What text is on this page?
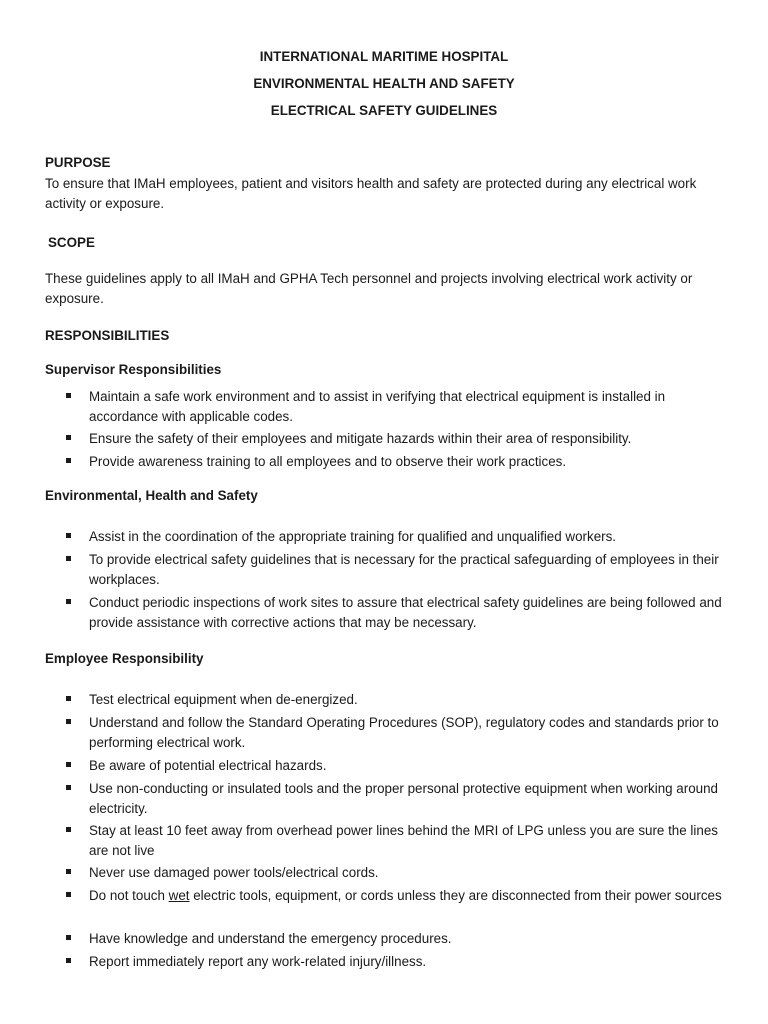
INTERNATIONAL MARITIME HOSPITAL
ENVIRONMENTAL HEALTH AND SAFETY
ELECTRICAL SAFETY GUIDELINES
PURPOSE
To ensure that IMaH employees, patient and visitors health and safety are protected during any electrical work activity or exposure.
SCOPE
These guidelines apply to all IMaH and GPHA Tech personnel and projects involving electrical work activity or exposure.
RESPONSIBILITIES
Supervisor Responsibilities
Maintain a safe work environment and to assist in verifying that electrical equipment is installed in accordance with applicable codes.
Ensure the safety of their employees and mitigate hazards within their area of responsibility.
Provide awareness training to all employees and to observe their work practices.
Environmental, Health and Safety
Assist in the coordination of the appropriate training for qualified and unqualified workers.
To provide electrical safety guidelines that is necessary for the practical safeguarding of employees in their workplaces.
Conduct periodic inspections of work sites to assure that electrical safety guidelines are being followed and provide assistance with corrective actions that may be necessary.
Employee Responsibility
Test electrical equipment when de-energized.
Understand and follow the Standard Operating Procedures (SOP), regulatory codes and standards prior to performing electrical work.
Be aware of potential electrical hazards.
Use non-conducting or insulated tools and the proper personal protective equipment when working around electricity.
Stay at least 10 feet away from overhead power lines behind the MRI of LPG unless you are sure the lines are not live
Never use damaged power tools/electrical cords.
Do not touch wet electric tools, equipment, or cords unless they are disconnected from their power sources
Have knowledge and understand the emergency procedures.
Report immediately report any work-related injury/illness.
